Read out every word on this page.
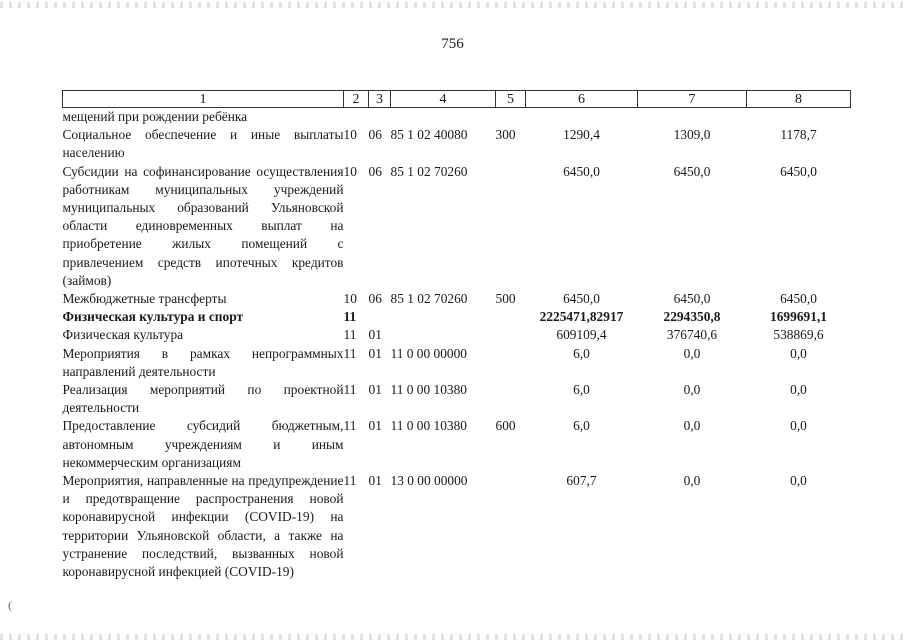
756
1	2	3	4	5	6	7	8
мещений при рождении ребёнка							
Социальное обеспечение и иные выплаты населению	10	06	85 1 02 40080	300	1290,4	1309,0	1178,7
Субсидии на софинансирование осуществления работникам муниципальных учреждений муниципальных образований Ульяновской области единовременных выплат на приобретение жилых помещений с привлечением средств ипотечных кредитов (займов)	10	06	85 1 02 70260		6450,0	6450,0	6450,0
Межбюджетные трансферты	10	06	85 1 02 70260	500	6450,0	6450,0	6450,0
Физическая культура и спорт	11				2225471,82917	2294350,8	1699691,1
Физическая культура	11	01			609109,4	376740,6	538869,6
Мероприятия в рамках непрограммных направлений деятельности	11	01	11 0 00 00000		6,0	0,0	0,0
Реализация мероприятий по проектной деятельности	11	01	11 0 00 10380		6,0	0,0	0,0
Предоставление субсидий бюджетным, автономным учреждениям и иным некоммерческим организациям	11	01	11 0 00 10380	600	6,0	0,0	0,0
Мероприятия, направленные на предупреждение и предотвращение распространения новой коронавирусной инфекции (COVID-19) на территории Ульяновской области, а также на устранение последствий, вызванных новой коронавирусной инфекцией (COVID-19)	11	01	13 0 00 00000		607,7	0,0	0,0
(
